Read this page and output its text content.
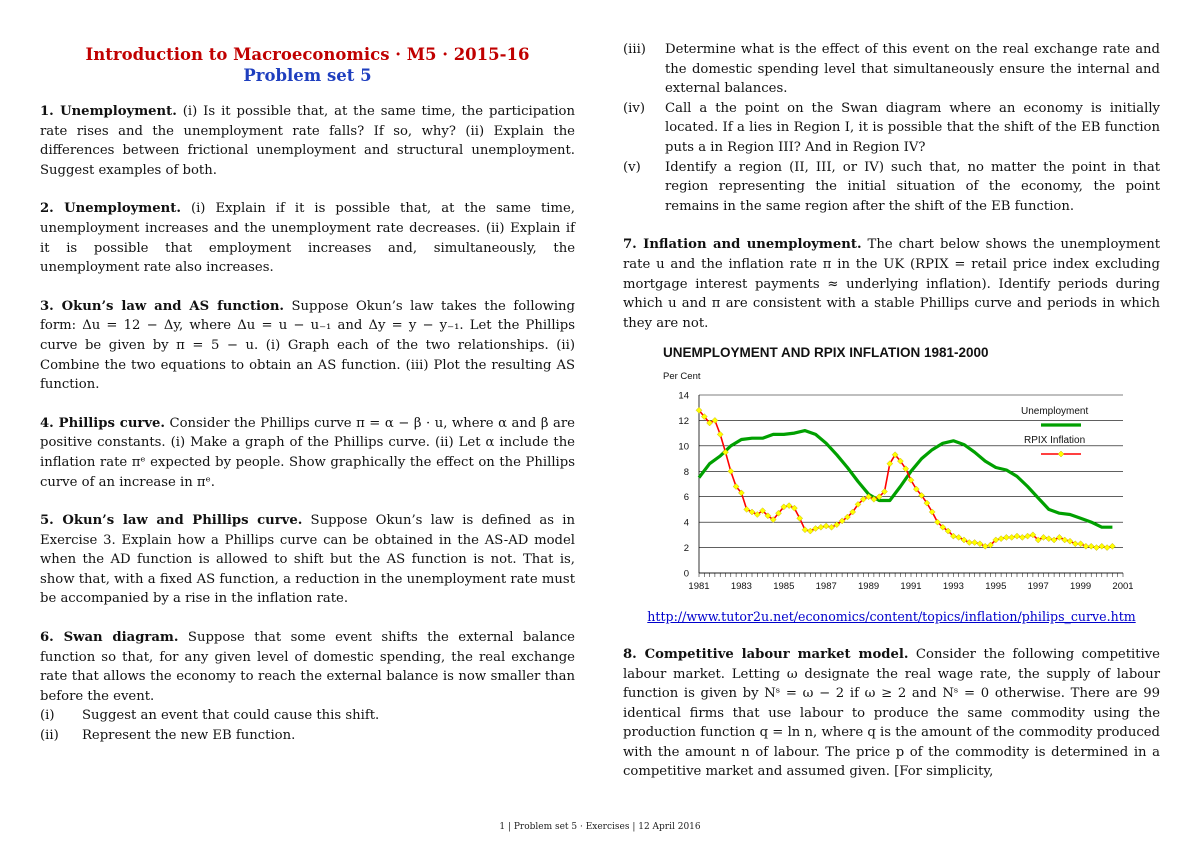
Introduction to Macroeconomics · M5 · 2015-16
Problem set 5

1. Unemployment. (i) Is it possible that, at the same time, the participation rate rises and the unemployment rate falls? If so, why? (ii) Explain the differences between frictional unemployment and structural unemployment. Suggest examples of both.

2. Unemployment. (i) Explain if it is possible that, at the same time, unemployment increases and the unemployment rate decreases. (ii) Explain if it is possible that employment increases and, simultaneously, the unemployment rate also increases.

3. Okun’s law and AS function. Suppose Okun’s law takes the following form: Δu = 12 − Δy, where Δu = u − u₋₁ and Δy = y − y₋₁. Let the Phillips curve be given by π = 5 − u. (i) Graph each of the two relationships. (ii) Combine the two equations to obtain an AS function. (iii) Plot the resulting AS function.

4. Phillips curve. Consider the Phillips curve π = α − β · u, where α and β are positive constants. (i) Make a graph of the Phillips curve. (ii) Let α include the inflation rate πᵉ expected by people. Show graphically the effect on the Phillips curve of an increase in πᵉ.

5. Okun’s law and Phillips curve. Suppose Okun’s law is defined as in Exercise 3. Explain how a Phillips curve can be obtained in the AS-AD model when the AD function is allowed to shift but the AS function is not. That is, show that, with a fixed AS function, a reduction in the unemployment rate must be accompanied by a rise in the inflation rate.

6. Swan diagram. Suppose that some event shifts the external balance function so that, for any given level of domestic spending, the real exchange rate that allows the economy to reach the external balance is now smaller than before the event.

(i)	Suggest an event that could cause this shift.
(ii)	Represent the new EB function.
(iii)	Determine what is the effect of this event on the real exchange rate and the domestic spending level that simultaneously ensure the internal and external balances.
(iv)	Call a the point on the Swan diagram where an economy is initially located. If a lies in Region I, it is possible that the shift of the EB function puts a in Region III? And in Region IV?
(v)	Identify a region (II, III, or IV) such that, no matter the point in that region representing the initial situation of the economy, the point remains in the same region after the shift of the EB function.

7. Inflation and unemployment. The chart below shows the unemployment rate u and the inflation rate π in the UK (RPIX = retail price index excluding mortgage interest payments ≈ underlying inflation). Identify periods during which u and π are consistent with a stable Phillips curve and periods in which they are not.

UNEMPLOYMENT AND RPIX INFLATION 1981-2000
Per Cent
0
2
4
6
8
10
12
14
1981 1983 1985 1987 1989 1991 1993 1995 1997 1999 2001
Unemployment
RPIX Inflation
http://www.tutor2u.net/economics/content/topics/inflation/philips_curve.htm

8. Competitive labour market model. Consider the following competitive labour market. Letting ω designate the real wage rate, the supply of labour function is given by Nˢ = ω − 2 if ω ≥ 2 and Nˢ = 0 otherwise. There are 99 identical firms that use labour to produce the same commodity using the production function q = ln n, where q is the amount of the commodity produced with the amount n of labour. The price p of the commodity is determined in a competitive market and assumed given. [For simplicity,

1 | Problem set 5 · Exercises | 12 April 2016
